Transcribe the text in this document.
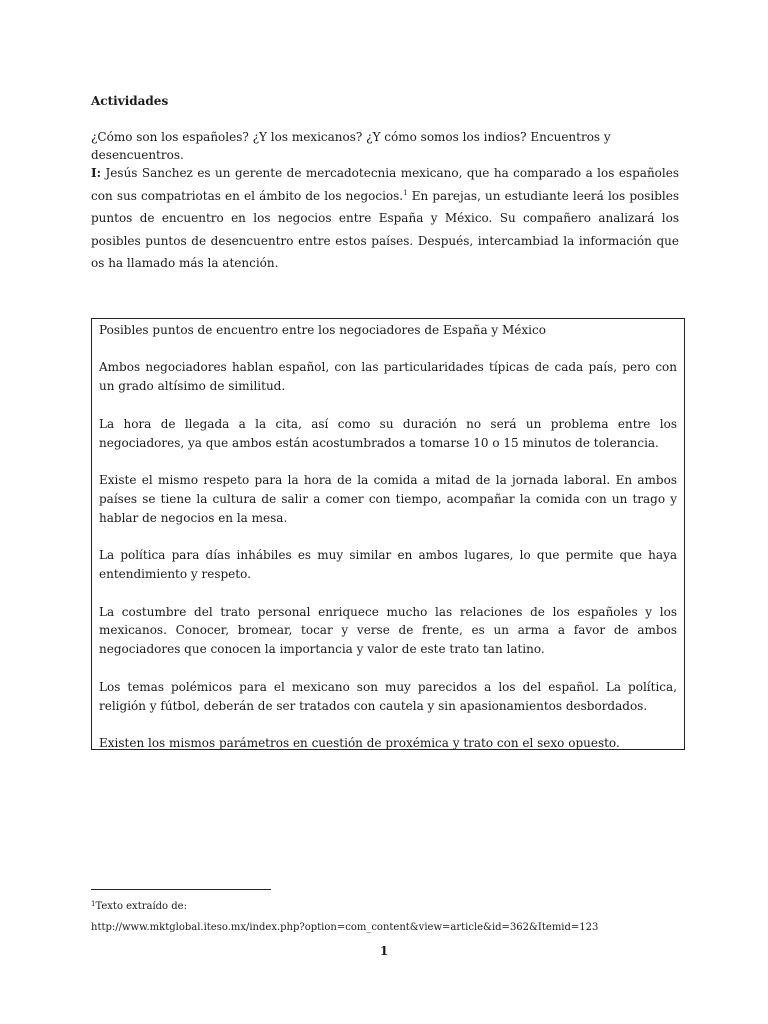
Actividades

¿Cómo son los españoles? ¿Y los mexicanos? ¿Y cómo somos los indios? Encuentros y desencuentros.

I: Jesús Sanchez es un gerente de mercadotecnia mexicano, que ha comparado a los españoles con sus compatriotas en el ámbito de los negocios.$^1$ En parejas, un estudiante leerá los posibles puntos de encuentro en los negocios entre España y México. Su compañero analizará los posibles puntos de desencuentro entre estos países. Después, intercambiad la información que os ha llamado más la atención.

Posibles puntos de encuentro entre los negociadores de España y México

Ambos negociadores hablan español, con las particularidades típicas de cada país, pero con un grado altísimo de similitud.

La hora de llegada a la cita, así como su duración no será un problema entre los negociadores, ya que ambos están acostumbrados a tomarse 10 o 15 minutos de tolerancia.

Existe el mismo respeto para la hora de la comida a mitad de la jornada laboral. En ambos países se tiene la cultura de salir a comer con tiempo, acompañar la comida con un trago y hablar de negocios en la mesa.

La política para días inhábiles es muy similar en ambos lugares, lo que permite que haya entendimiento y respeto.

La costumbre del trato personal enriquece mucho las relaciones de los españoles y los mexicanos. Conocer, bromear, tocar y verse de frente, es un arma a favor de ambos negociadores que conocen la importancia y valor de este trato tan latino.

Los temas polémicos para el mexicano son muy parecidos a los del español. La política, religión y fútbol, deberán de ser tratados con cautela y sin apasionamientos desbordados.

Existen los mismos parámetros en cuestión de proxémica y trato con el sexo opuesto.

$^1$Texto extraído de:
http://www.mktglobal.iteso.mx/index.php?option=com_content&view=article&id=362&Itemid=123

1
